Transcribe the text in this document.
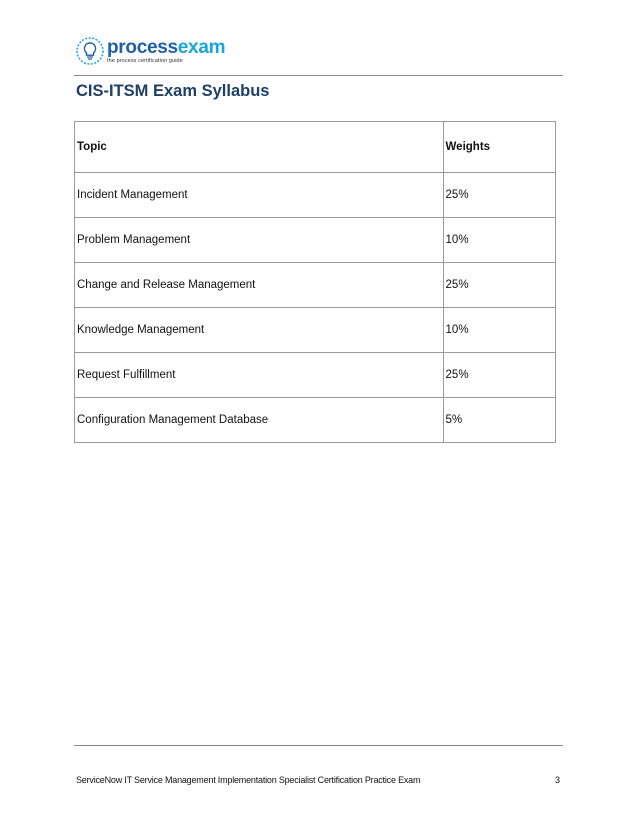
processexam
the process certification guide
CIS-ITSM Exam Syllabus
Topic	Weights
Incident Management	25%
Problem Management	10%
Change and Release Management	25%
Knowledge Management	10%
Request Fulfillment	25%
Configuration Management Database	5%
ServiceNow IT Service Management Implementation Specialist Certification Practice Exam	3
